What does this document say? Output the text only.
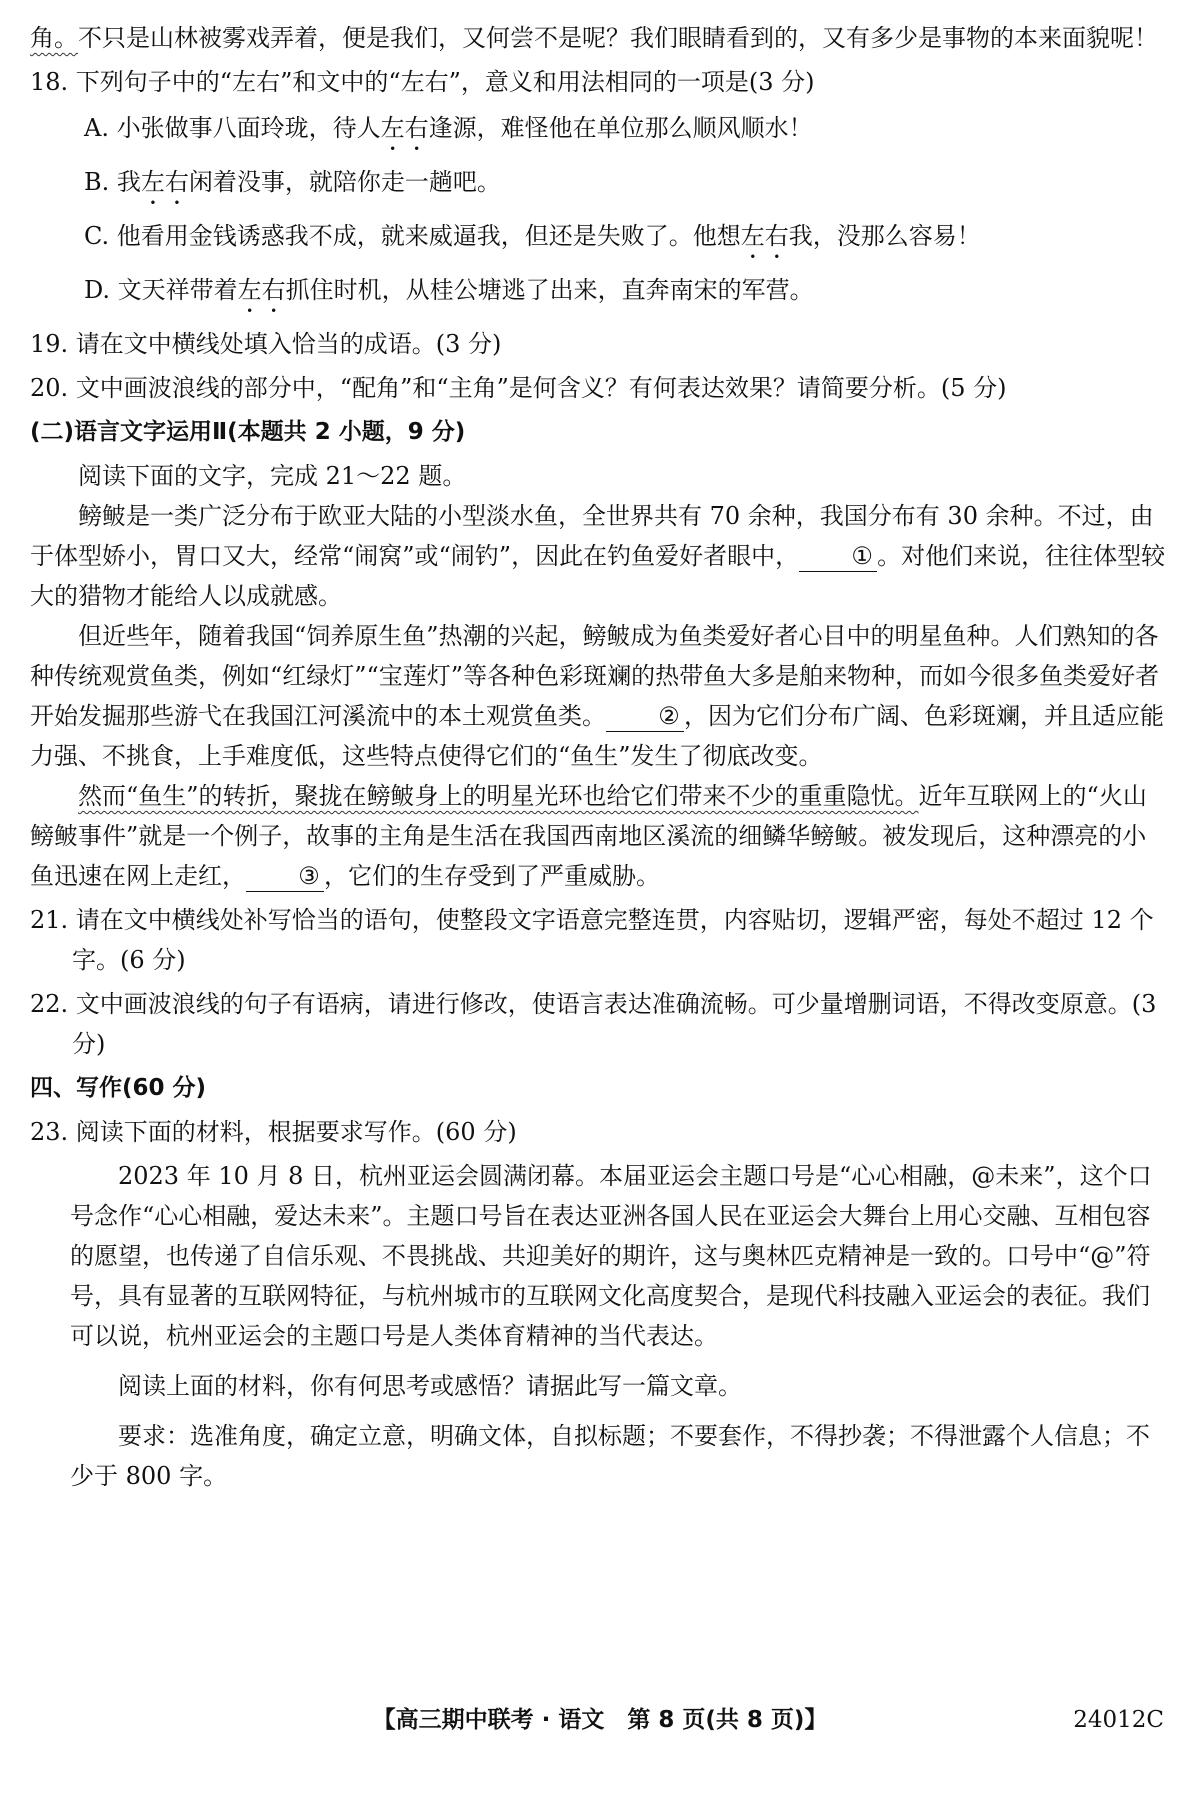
角。不只是山林被雾戏弄着，便是我们，又何尝不是呢？我们眼睛看到的，又有多少是事物的本来面貌呢！

18. 下列句子中的“左右”和文中的“左右”，意义和用法相同的一项是(3 分)

A. 小张做事八面玲珑，待人左右逢源，难怪他在单位那么顺风顺水！

B. 我左右闲着没事，就陪你走一趟吧。

C. 他看用金钱诱惑我不成，就来威逼我，但还是失败了。他想左右我，没那么容易！

D. 文天祥带着左右抓住时机，从桂公塘逃了出来，直奔南宋的军营。

19. 请在文中横线处填入恰当的成语。(3 分)

20. 文中画波浪线的部分中，“配角”和“主角”是何含义？有何表达效果？请简要分析。(5 分)

(二)语言文字运用Ⅱ(本题共 2 小题，9 分)

阅读下面的文字，完成 21～22 题。

鳑鲏是一类广泛分布于欧亚大陆的小型淡水鱼，全世界共有 70 余种，我国分布有 30 余种。不过，由于体型娇小，胃口又大，经常“闹窝”或“闹钓”，因此在钓鱼爱好者眼中， ① 。对他们来说，往往体型较大的猎物才能给人以成就感。

但近些年，随着我国“饲养原生鱼”热潮的兴起，鳑鲏成为鱼类爱好者心目中的明星鱼种。人们熟知的各种传统观赏鱼类，例如“红绿灯”“宝莲灯”等各种色彩斑斓的热带鱼大多是舶来物种，而如今很多鱼类爱好者开始发掘那些游弋在我国江河溪流中的本土观赏鱼类。 ② ，因为它们分布广阔、色彩斑斓，并且适应能力强、不挑食，上手难度低，这些特点使得它们的“鱼生”发生了彻底改变。

然而“鱼生”的转折，聚拢在鳑鲏身上的明星光环也给它们带来不少的重重隐忧。近年互联网上的“火山鳑鲏事件”就是一个例子，故事的主角是生活在我国西南地区溪流的细鳞华鳑鲏。被发现后，这种漂亮的小鱼迅速在网上走红， ③ ，它们的生存受到了严重威胁。

21. 请在文中横线处补写恰当的语句，使整段文字语意完整连贯，内容贴切，逻辑严密，每处不超过 12 个字。(6 分)

22. 文中画波浪线的句子有语病，请进行修改，使语言表达准确流畅。可少量增删词语，不得改变原意。(3 分)

四、写作(60 分)

23. 阅读下面的材料，根据要求写作。(60 分)

2023 年 10 月 8 日，杭州亚运会圆满闭幕。本届亚运会主题口号是“心心相融，@未来”，这个口号念作“心心相融，爱达未来”。主题口号旨在表达亚洲各国人民在亚运会大舞台上用心交融、互相包容的愿望，也传递了自信乐观、不畏挑战、共迎美好的期许，这与奥林匹克精神是一致的。口号中“@”符号，具有显著的互联网特征，与杭州城市的互联网文化高度契合，是现代科技融入亚运会的表征。我们可以说，杭州亚运会的主题口号是人类体育精神的当代表达。

阅读上面的材料，你有何思考或感悟？请据此写一篇文章。

要求：选准角度，确定立意，明确文体，自拟标题；不要套作，不得抄袭；不得泄露个人信息；不少于 800 字。

【高三期中联考 · 语文　第 8 页(共 8 页)】	24012C
